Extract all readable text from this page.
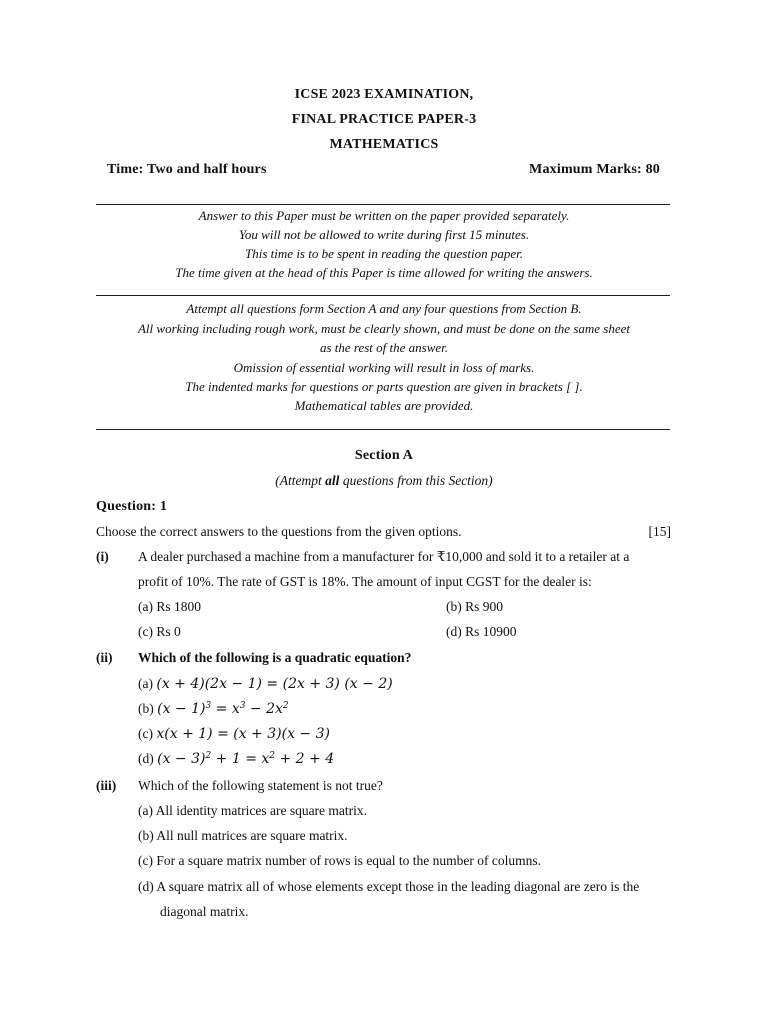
ICSE 2023 EXAMINATION,
FINAL PRACTICE PAPER-3
MATHEMATICS
Time: Two and half hours	Maximum Marks: 80
Answer to this Paper must be written on the paper provided separately.
You will not be allowed to write during first 15 minutes.
This time is to be spent in reading the question paper.
The time given at the head of this Paper is time allowed for writing the answers.
Attempt all questions form Section A and any four questions from Section B.
All working including rough work, must be clearly shown, and must be done on the same sheet
as the rest of the answer.
Omission of essential working will result in loss of marks.
The indented marks for questions or parts question are given in brackets [ ].
Mathematical tables are provided.
Section A
(Attempt all questions from this Section)
Question: 1
Choose the correct answers to the questions from the given options.	[15]
(i) A dealer purchased a machine from a manufacturer for ₹10,000 and sold it to a retailer at a
profit of 10%. The rate of GST is 18%. The amount of input CGST for the dealer is:
(a) Rs 1800	(b) Rs 900
(c) Rs 0	(d) Rs 10900
(ii) Which of the following is a quadratic equation?
(a) (x + 4)(2x − 1) = (2x + 3) (x − 2)
(b) $(x - 1)^3 = x^3 - 2x^2$
(c) x(x + 1) = (x + 3)(x − 3)
(d) $(x - 3)^2 + 1 = x^2 + 2 + 4$
(iii) Which of the following statement is not true?
(a) All identity matrices are square matrix.
(b) All null matrices are square matrix.
(c) For a square matrix number of rows is equal to the number of columns.
(d) A square matrix all of whose elements except those in the leading diagonal are zero is the
diagonal matrix.
